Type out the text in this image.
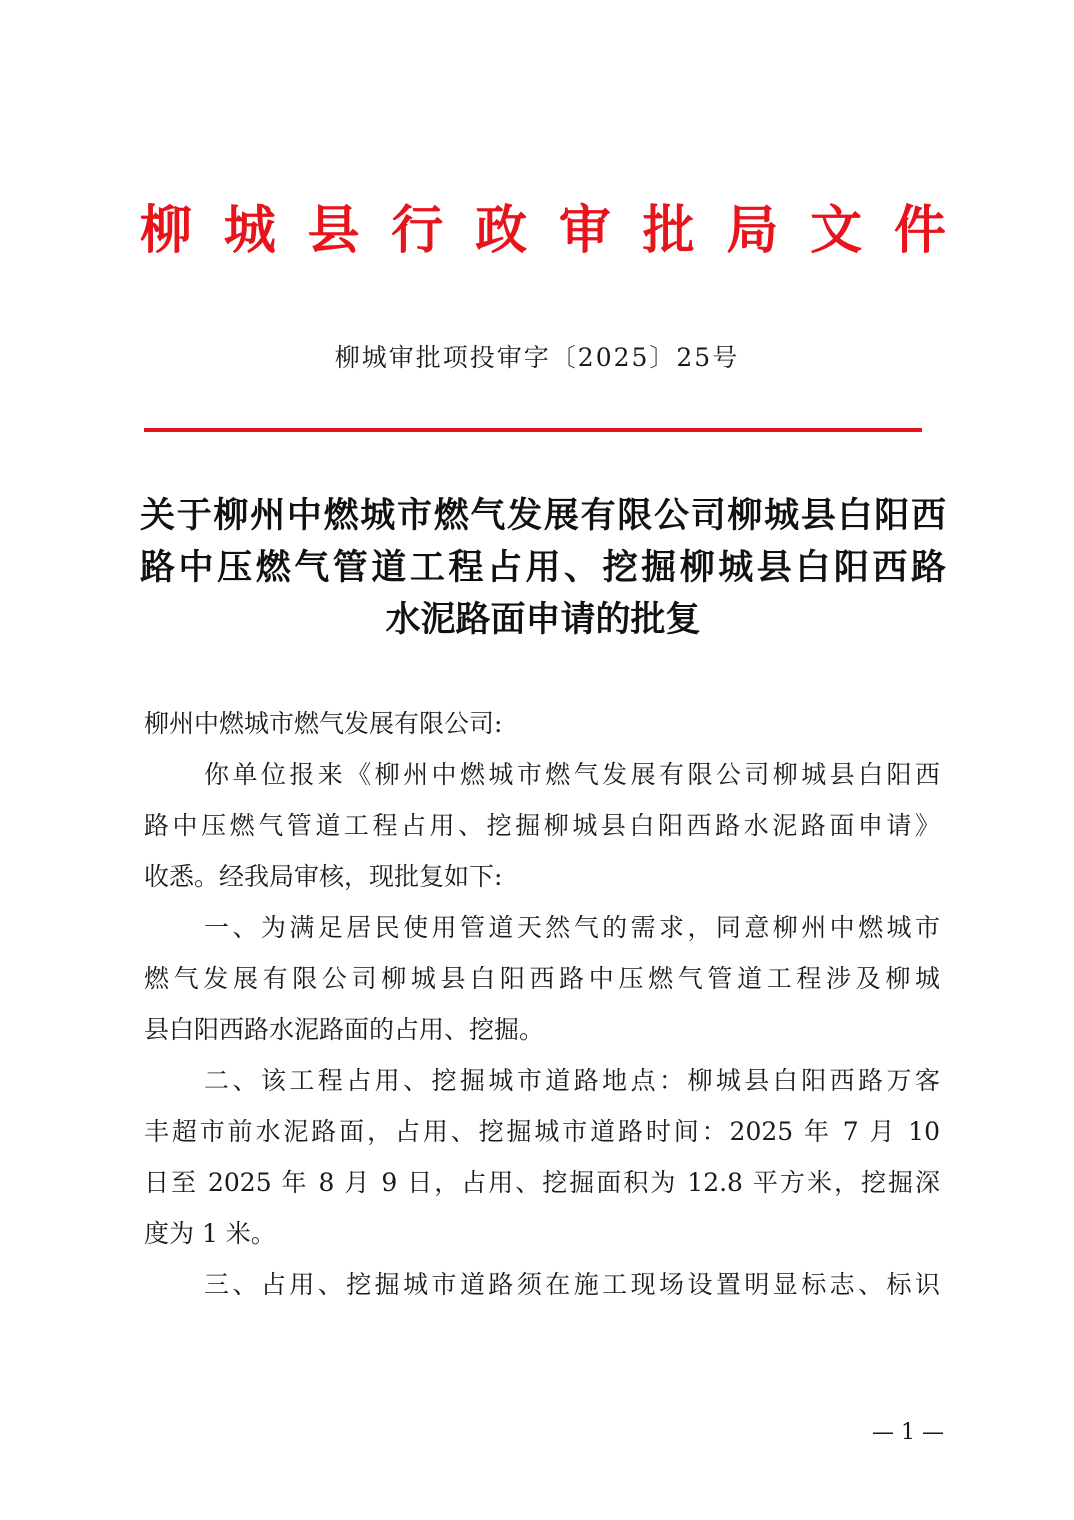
柳 城 县 行 政 审 批 局 文 件
柳城审批项投审字〔2025〕25号
关于柳州中燃城市燃气发展有限公司柳城县白阳西
路中压燃气管道工程占用、挖掘柳城县白阳西路
水泥路面申请的批复
柳州中燃城市燃气发展有限公司:
你单位报来《柳州中燃城市燃气发展有限公司柳城县白阳西
路中压燃气管道工程占用、挖掘柳城县白阳西路水泥路面申请》
收悉。经我局审核，现批复如下:
一、为满足居民使用管道天然气的需求，同意柳州中燃城市
燃气发展有限公司柳城县白阳西路中压燃气管道工程涉及柳城
县白阳西路水泥路面的占用、挖掘。
二、该工程占用、挖掘城市道路地点：柳城县白阳西路万客
丰超市前水泥路面，占用、挖掘城市道路时间：2025 年 7 月 10
日至 2025 年 8 月 9 日，占用、挖掘面积为 12.8 平方米，挖掘深
度为 1 米。
三、占用、挖掘城市道路须在施工现场设置明显标志、标识
— 1 —
